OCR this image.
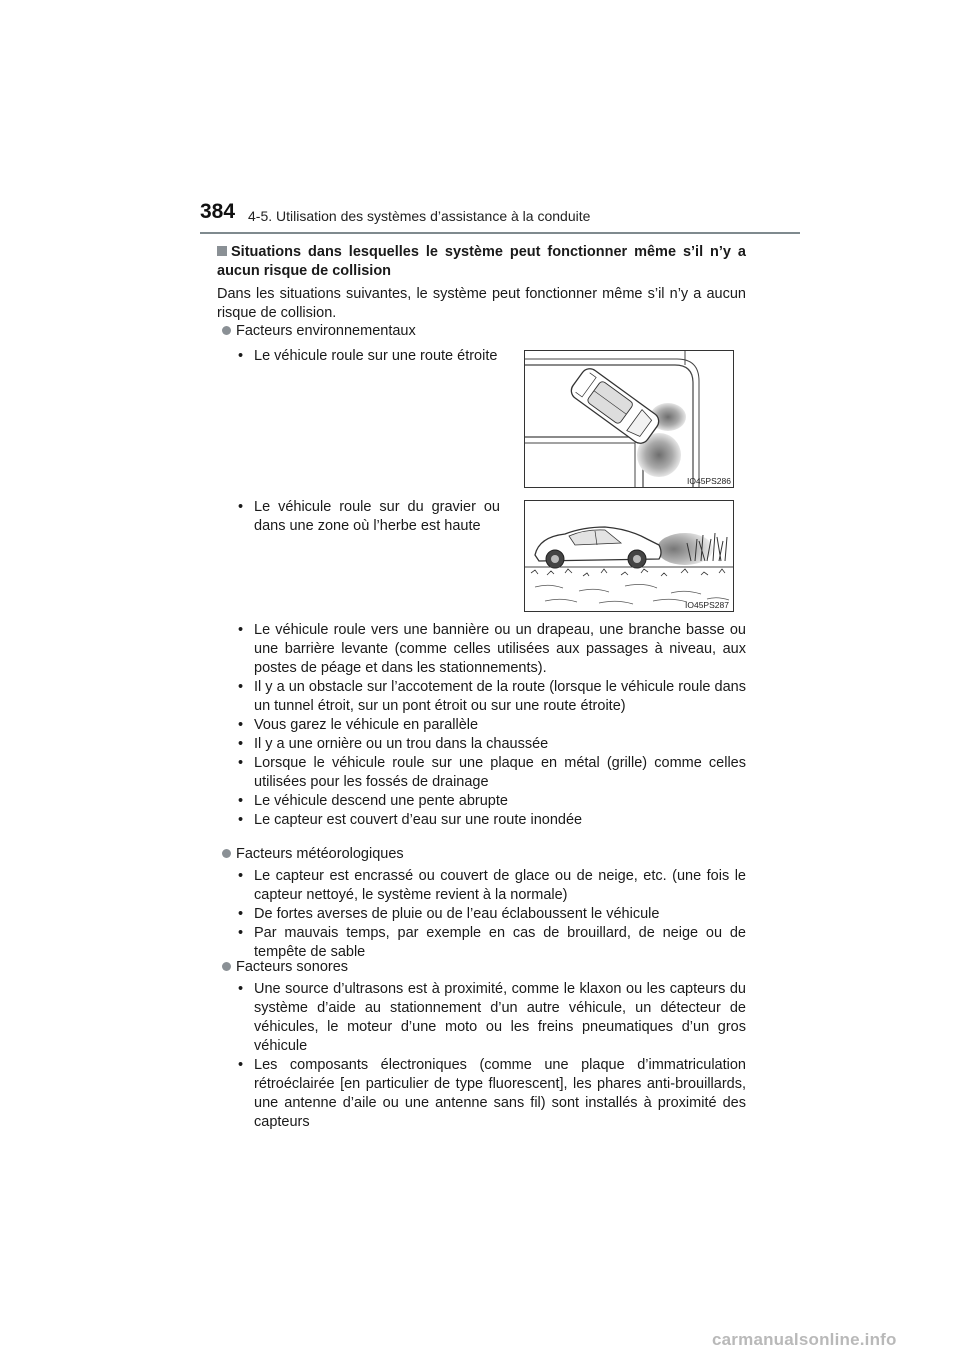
384 4-5. Utilisation des systèmes d’assistance à la conduite
Situations dans lesquelles le système peut fonctionner même s’il n’y a aucun risque de collision
Dans les situations suivantes, le système peut fonctionner même s’il n’y a aucun risque de collision.
Facteurs environnementaux
• Le véhicule roule sur une route étroite
• Le véhicule roule sur du gravier ou dans une zone où l’herbe est haute
IO45PS286
IO45PS287
• Le véhicule roule vers une bannière ou un drapeau, une branche basse ou une barrière levante (comme celles utilisées aux passages à niveau, aux postes de péage et dans les stationnements).
• Il y a un obstacle sur l’accotement de la route (lorsque le véhicule roule dans un tunnel étroit, sur un pont étroit ou sur une route étroite)
• Vous garez le véhicule en parallèle
• Il y a une ornière ou un trou dans la chaussée
• Lorsque le véhicule roule sur une plaque en métal (grille) comme celles utilisées pour les fossés de drainage
• Le véhicule descend une pente abrupte
• Le capteur est couvert d’eau sur une route inondée
Facteurs météorologiques
• Le capteur est encrassé ou couvert de glace ou de neige, etc. (une fois le capteur nettoyé, le système revient à la normale)
• De fortes averses de pluie ou de l’eau éclaboussent le véhicule
• Par mauvais temps, par exemple en cas de brouillard, de neige ou de tempête de sable
Facteurs sonores
• Une source d’ultrasons est à proximité, comme le klaxon ou les capteurs du système d’aide au stationnement d’un autre véhicule, un détecteur de véhicules, le moteur d’une moto ou les freins pneumatiques d’un gros véhicule
• Les composants électroniques (comme une plaque d’immatriculation rétroéclairée [en particulier de type fluorescent], les phares anti-brouillards, une antenne d’aile ou une antenne sans fil) sont installés à proximité des capteurs
carmanualsonline.info
